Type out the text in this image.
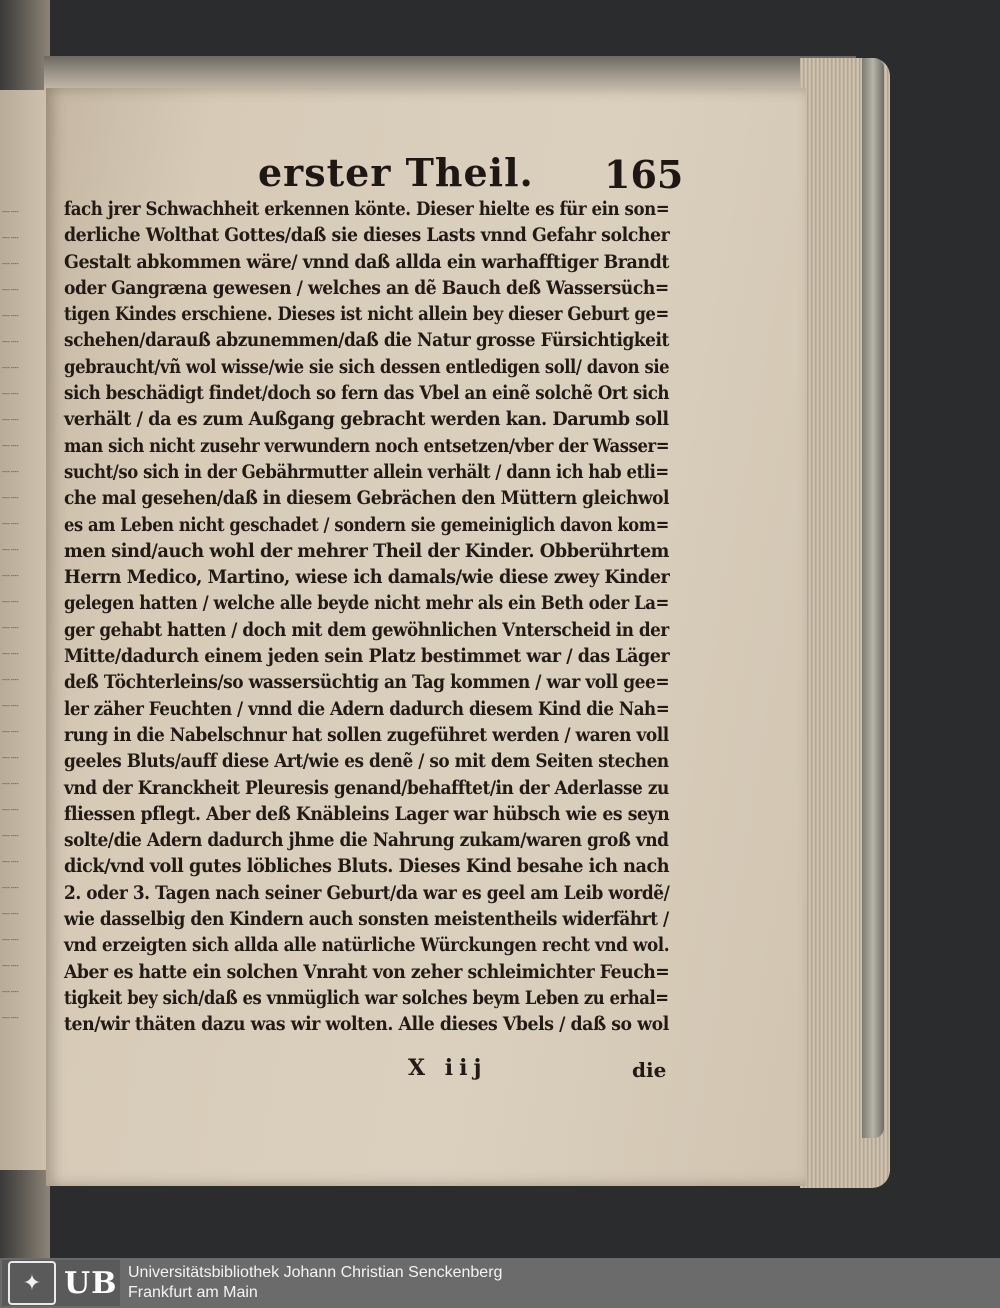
┈┈
┈┈
┈┈
┈┈
┈┈
┈┈
┈┈
┈┈
┈┈
┈┈
┈┈
┈┈
┈┈
┈┈
┈┈
┈┈
┈┈
┈┈
┈┈
┈┈
┈┈
┈┈
┈┈
┈┈
┈┈
┈┈
┈┈
┈┈
┈┈
┈┈
┈┈
┈┈
erster Theil. 165
fach jrer Schwachheit erkennen könte. Dieser hielte es für ein son=
derliche Wolthat Gottes/daß sie dieses Lasts vnnd Gefahr solcher
Gestalt abkommen wäre/ vnnd daß allda ein warhafftiger Brandt
oder Gangræna gewesen / welches an dẽ Bauch deß Wassersüch=
tigen Kindes erschiene. Dieses ist nicht allein bey dieser Geburt ge=
schehen/darauß abzunemmen/daß die Natur grosse Fürsichtigkeit
gebraucht/vñ wol wisse/wie sie sich dessen entledigen soll/ davon sie
sich beschädigt findet/doch so fern das Vbel an einẽ solchẽ Ort sich
verhält / da es zum Außgang gebracht werden kan. Darumb soll
man sich nicht zusehr verwundern noch entsetzen/vber der Wasser=
sucht/so sich in der Gebährmutter allein verhält / dann ich hab etli=
che mal gesehen/daß in diesem Gebrächen den Müttern gleichwol
es am Leben nicht geschadet / sondern sie gemeiniglich davon kom=
men sind/auch wohl der mehrer Theil der Kinder. Obberührtem
Herrn Medico, Martino, wiese ich damals/wie diese zwey Kinder
gelegen hatten / welche alle beyde nicht mehr als ein Beth oder La=
ger gehabt hatten / doch mit dem gewöhnlichen Vnterscheid in der
Mitte/dadurch einem jeden sein Platz bestimmet war / das Läger
deß Töchterleins/so wassersüchtig an Tag kommen / war voll gee=
ler zäher Feuchten / vnnd die Adern dadurch diesem Kind die Nah=
rung in die Nabelschnur hat sollen zugeführet werden / waren voll
geeles Bluts/auff diese Art/wie es denẽ / so mit dem Seiten stechen
vnd der Kranckheit Pleuresis genand/behafftet/in der Aderlasse zu
fliessen pflegt. Aber deß Knäbleins Lager war hübsch wie es seyn
solte/die Adern dadurch jhme die Nahrung zukam/waren groß vnd
dick/vnd voll gutes löbliches Bluts. Dieses Kind besahe ich nach
2. oder 3. Tagen nach seiner Geburt/da war es geel am Leib wordẽ/
wie dasselbig den Kindern auch sonsten meistentheils widerfährt /
vnd erzeigten sich allda alle natürliche Würckungen recht vnd wol.
Aber es hatte ein solchen Vnraht von zeher schleimichter Feuch=
tigkeit bey sich/daß es vnmüglich war solches beym Leben zu erhal=
ten/wir thäten dazu was wir wolten. Alle dieses Vbels / daß so wol
X iij	die
✦ UB Universitätsbibliothek Johann Christian Senckenberg
Frankfurt am Main
